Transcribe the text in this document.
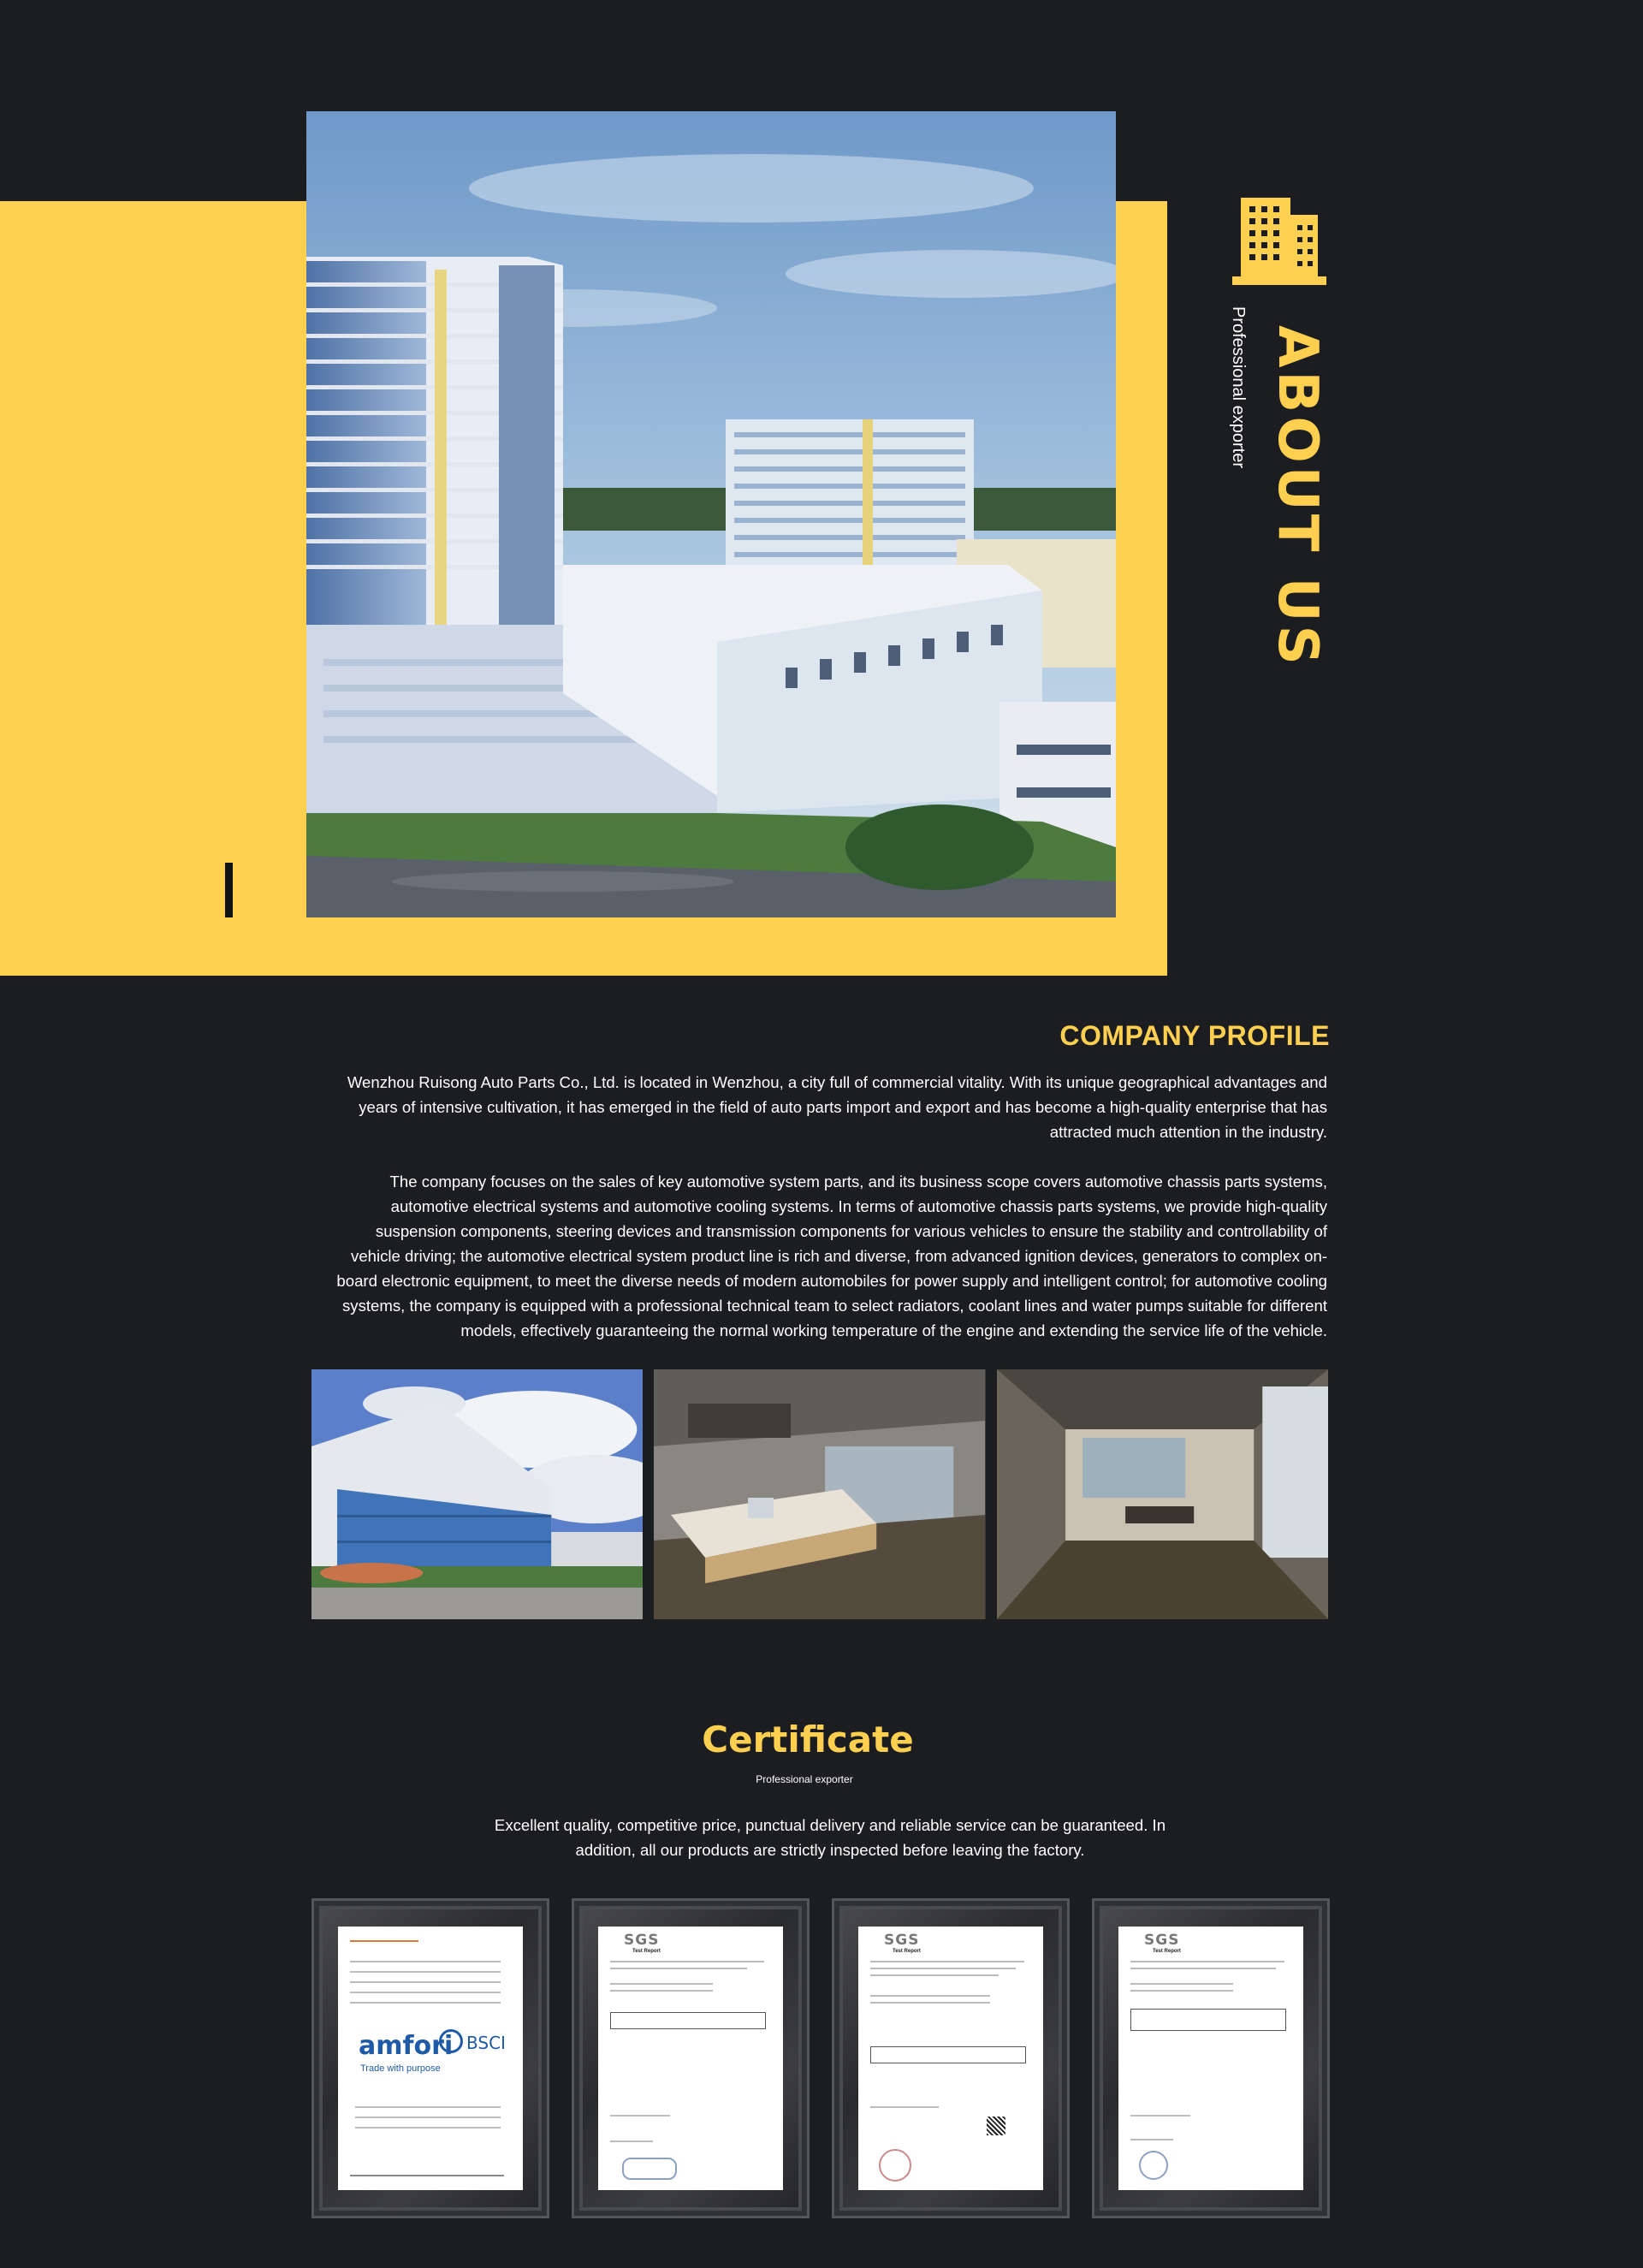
ABOUT US
Professional exporter
COMPANY PROFILE

Wenzhou Ruisong Auto Parts Co., Ltd. is located in Wenzhou, a city full of commercial vitality. With its unique geographical advantages and years of intensive cultivation, it has emerged in the field of auto parts import and export and has become a high-quality enterprise that has attracted much attention in the industry.

The company focuses on the sales of key automotive system parts, and its business scope covers automotive chassis parts systems, automotive electrical systems and automotive cooling systems. In terms of automotive chassis parts systems, we provide high-quality suspension components, steering devices and transmission components for various vehicles to ensure the stability and controllability of vehicle driving; the automotive electrical system product line is rich and diverse, from advanced ignition devices, generators to complex on-board electronic equipment, to meet the diverse needs of modern automobiles for power supply and intelligent control; for automotive cooling systems, the company is equipped with a professional technical team to select radiators, coolant lines and water pumps suitable for different models, effectively guaranteeing the normal working temperature of the engine and extending the service life of the vehicle.

Certificate
Professional exporter
Excellent quality, competitive price, punctual delivery and reliable service can be guaranteed. In addition, all our products are strictly inspected before leaving the factory.
amfori
Trade with purpose
BSCI
SGS
Test Report
SGS
Test Report
SGS
Test Report
